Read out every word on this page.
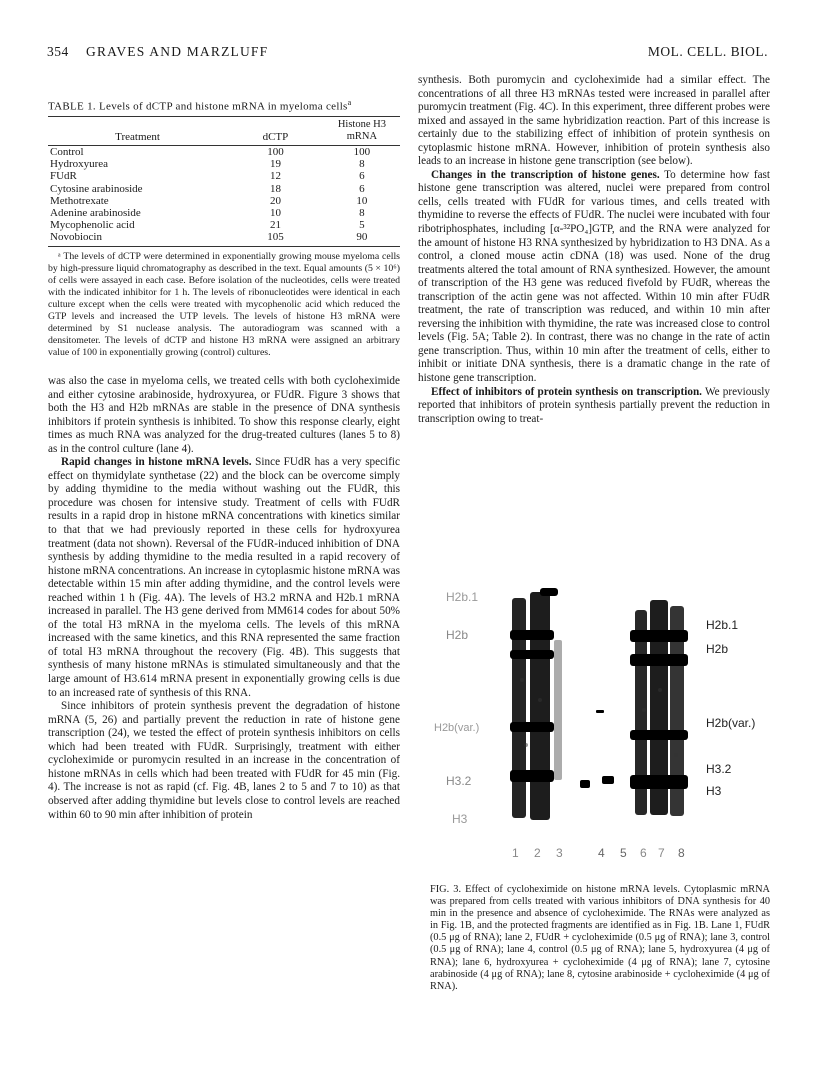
354 GRAVES AND MARZLUFF	MOL. CELL. BIOL.
TABLE 1. Levels of dCTP and histone mRNA in myeloma cells$^a$
Treatment	dCTP	Histone H3 mRNA
Control	100	100
Hydroxyurea	19	8
FUdR	12	6
Cytosine arabinoside	18	6
Methotrexate	20	10
Adenine arabinoside	10	8
Mycophenolic acid	21	5
Novobiocin	105	90
ᵃ The levels of dCTP were determined in exponentially growing mouse myeloma cells by high-pressure liquid chromatography as described in the text. Equal amounts (5 × 10⁶) of cells were assayed in each case. Before isolation of the nucleotides, cells were treated with the indicated inhibitor for 1 h. The levels of ribonucleotides were identical in each culture except when the cells were treated with mycophenolic acid which reduced the GTP levels and increased the UTP levels. The levels of histone H3 mRNA were determined by S1 nuclease analysis. The autoradiogram was scanned with a densitometer. The levels of dCTP and histone H3 mRNA were assigned an arbitrary value of 100 in exponentially growing (control) cultures.

was also the case in myeloma cells, we treated cells with both cycloheximide and either cytosine arabinoside, hydroxyurea, or FUdR. Figure 3 shows that both the H3 and H2b mRNAs are stable in the presence of DNA synthesis inhibitors if protein synthesis is inhibited. To show this response clearly, eight times as much RNA was analyzed for the drug-treated cultures (lanes 5 to 8) as in the control culture (lane 4).

Rapid changes in histone mRNA levels. Since FUdR has a very specific effect on thymidylate synthetase (22) and the block can be overcome simply by adding thymidine to the media without washing out the FUdR, this procedure was chosen for intensive study. Treatment of cells with FUdR results in a rapid drop in histone mRNA concentrations with kinetics similar to that that we had previously reported in these cells for hydroxyurea treatment (data not shown). Reversal of the FUdR-induced inhibition of DNA synthesis by adding thymidine to the media resulted in a rapid recovery of histone mRNA concentrations. An increase in cytoplasmic histone mRNA was detectable within 15 min after adding thymidine, and the control levels were reached within 1 h (Fig. 4A). The levels of H3.2 mRNA and H2b.1 mRNA increased in parallel. The H3 gene derived from MM614 codes for about 50% of the total H3 mRNA in the myeloma cells. The levels of this mRNA increased with the same kinetics, and this RNA represented the same fraction of total H3 mRNA throughout the recovery (Fig. 4B). This suggests that synthesis of many histone mRNAs is stimulated simultaneously and that the large amount of H3.614 mRNA present in exponentially growing cells is due to an increased rate of synthesis of this RNA.

Since inhibitors of protein synthesis prevent the degradation of histone mRNA (5, 26) and partially prevent the reduction in rate of histone gene transcription (24), we tested the effect of protein synthesis inhibitors on cells which had been treated with FUdR. Surprisingly, treatment with either cycloheximide or puromycin resulted in an increase in the concentration of histone mRNAs in cells which had been treated with FUdR for 45 min (Fig. 4). The increase is not as rapid (cf. Fig. 4B, lanes 2 to 5 and 7 to 10) as that observed after adding thymidine but levels close to control levels are reached within 60 to 90 min after inhibition of protein

synthesis. Both puromycin and cycloheximide had a similar effect. The concentrations of all three H3 mRNAs tested were increased in parallel after puromycin treatment (Fig. 4C). In this experiment, three different probes were mixed and assayed in the same hybridization reaction. Part of this increase is certainly due to the stabilizing effect of inhibition of protein synthesis on cytoplasmic histone mRNA. However, inhibition of protein synthesis also leads to an increase in histone gene transcription (see below).

Changes in the transcription of histone genes. To determine how fast histone gene transcription was altered, nuclei were prepared from control cells, cells treated with FUdR for various times, and cells treated with thymidine to reverse the effects of FUdR. The nuclei were incubated with four ribotriphosphates, including [α-³²PO₄]GTP, and the RNA were analyzed for the amount of histone H3 RNA synthesized by hybridization to H3 DNA. As a control, a cloned mouse actin cDNA (18) was used. None of the drug treatments altered the total amount of RNA synthesized. However, the amount of transcription of the H3 gene was reduced fivefold by FUdR, whereas the transcription of the actin gene was not affected. Within 10 min after FUdR treatment, the rate of transcription was reduced, and within 10 min after reversing the inhibition with thymidine, the rate was increased close to control levels (Fig. 5A; Table 2). In contrast, there was no change in the rate of actin gene transcription. Thus, within 10 min after the treatment of cells, either to inhibit or initiate DNA synthesis, there is a dramatic change in the rate of histone gene transcription.

Effect of inhibitors of protein synthesis on transcription. We previously reported that inhibitors of protein synthesis partially prevent the reduction in transcription owing to treat-

H2b.1
H2b
H2b(var.)
H3.2
H3
H2b.1
H2b
H2b(var.)
H3.2
H3
1 2 3	4 5 6 7 8
FIG. 3. Effect of cycloheximide on histone mRNA levels. Cytoplasmic mRNA was prepared from cells treated with various inhibitors of DNA synthesis for 40 min in the presence and absence of cycloheximide. The RNAs were analyzed as in Fig. 1B, and the protected fragments are identified as in Fig. 1B. Lane 1, FUdR (0.5 μg of RNA); lane 2, FUdR + cycloheximide (0.5 μg of RNA); lane 3, control (0.5 μg of RNA); lane 4, control (0.5 μg of RNA); lane 5, hydroxyurea (4 μg of RNA); lane 6, hydroxyurea + cycloheximide (4 μg of RNA); lane 7, cytosine arabinoside (4 μg of RNA); lane 8, cytosine arabinoside + cycloheximide (4 μg of RNA).
